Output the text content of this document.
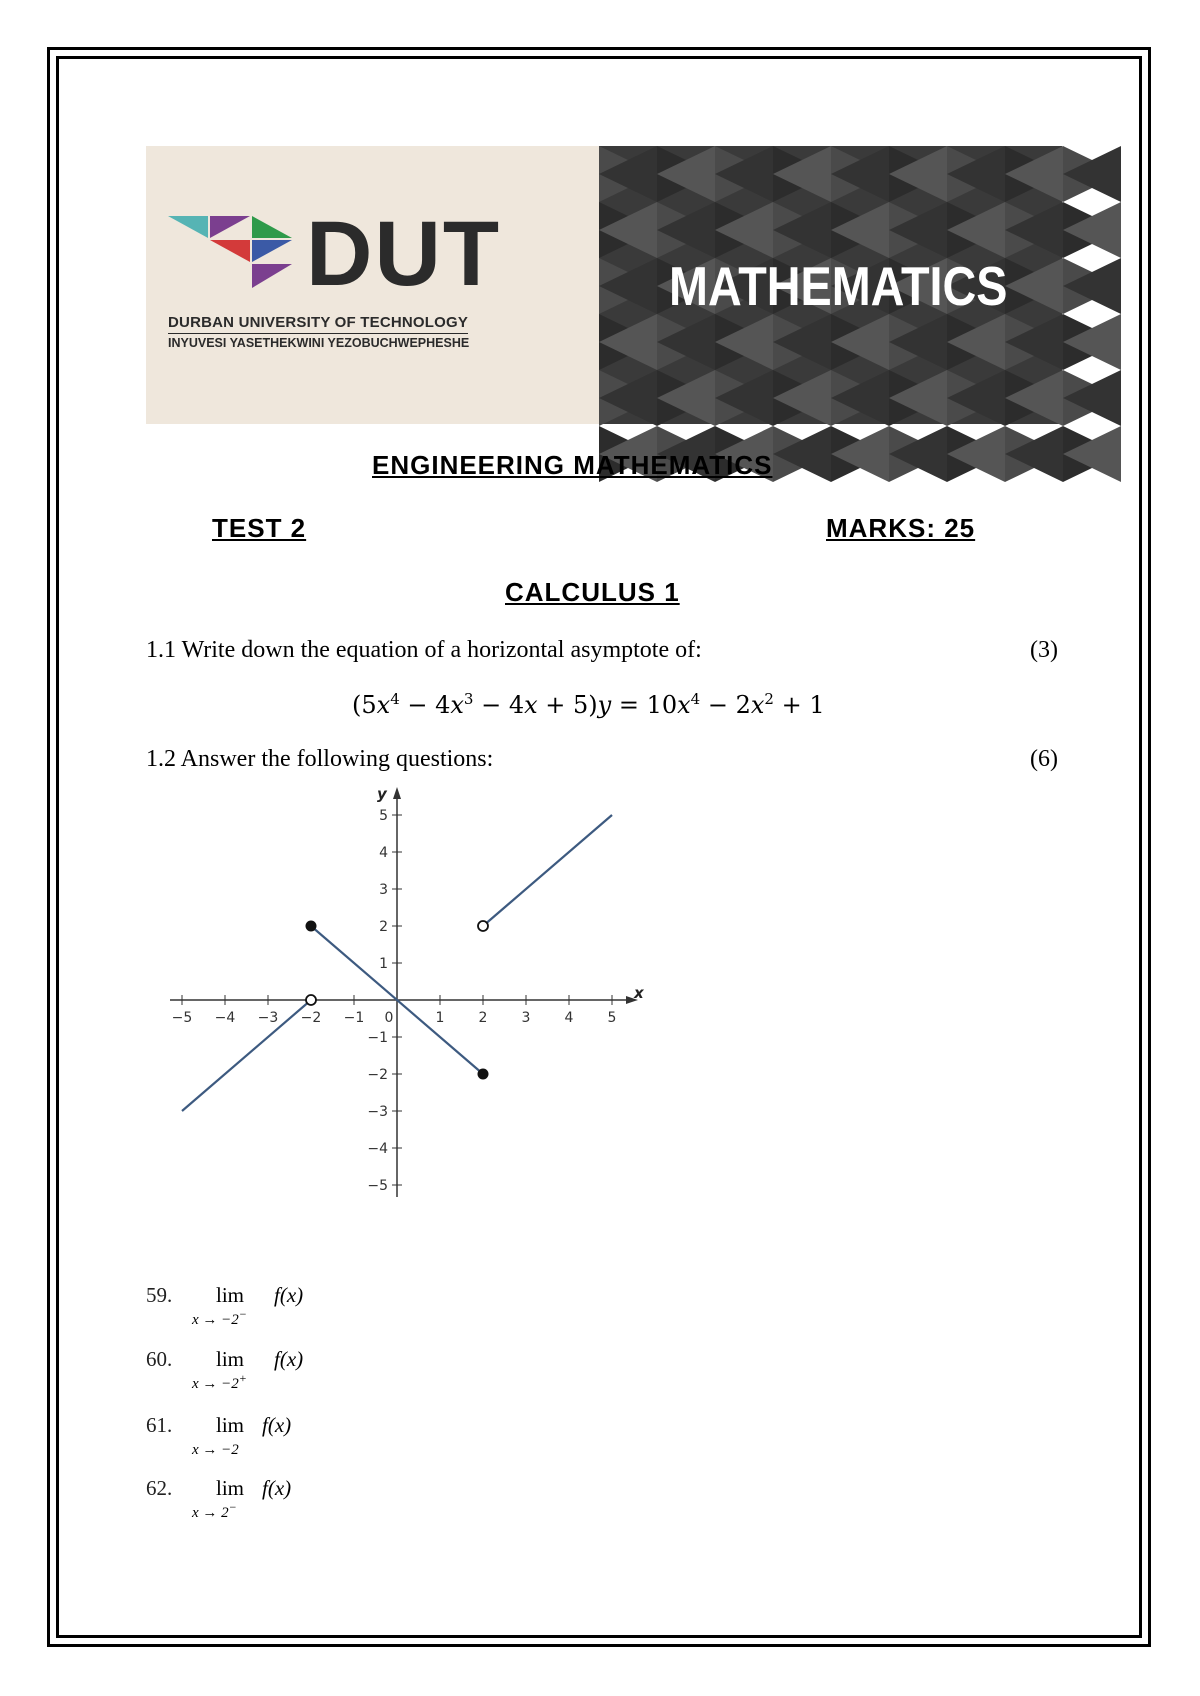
DUT
DURBAN UNIVERSITY OF TECHNOLOGY
INYUVESI YASETHEKWINI YEZOBUCHWEPHESHE
MATHEMATICS
ENGINEERING MATHEMATICS
TEST 2	MARKS: 25
CALCULUS 1
1.1 Write down the equation of a horizontal asymptote of:	(3)
$(5x^4 - 4x^3 - 4x + 5)y = 10x^4 - 2x^2 + 1$
1.2 Answer the following questions:	(6)
x
y
−5 −4 −3 −2 −1 0	1 2 3 4 5
5
4
3
2
1
−1
−2
−3
−4
−5
59. lim
x → −2−
f(x)
60. lim
x → −2+
f(x)
61. lim
x → −2
f(x)
62. lim
x → 2−
f(x)
